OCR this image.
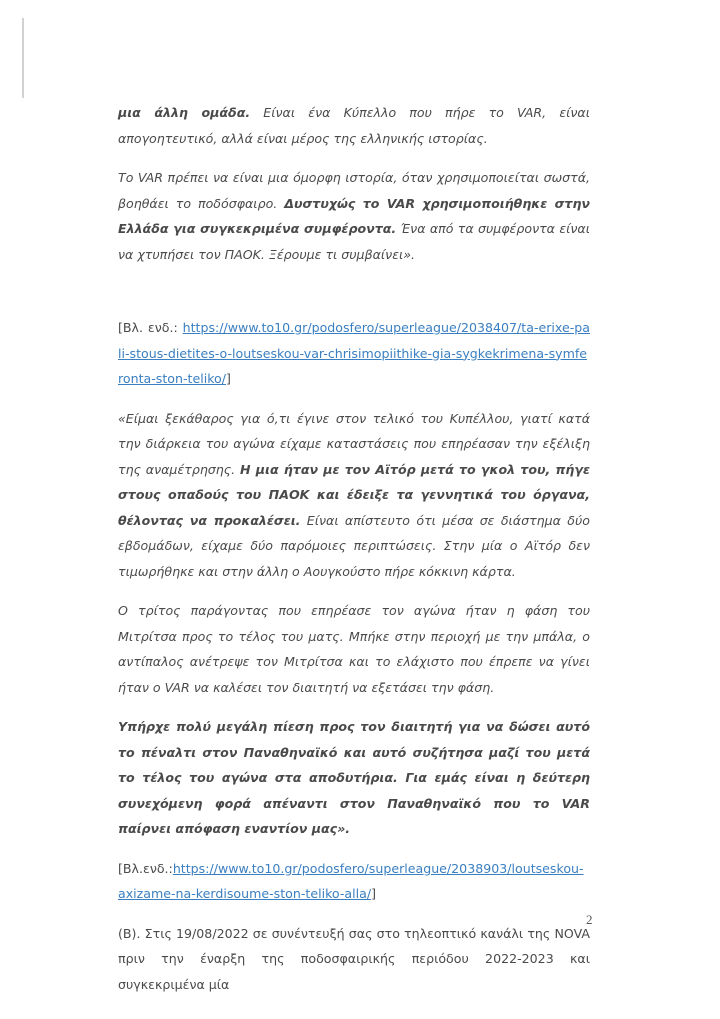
μια άλλη ομάδα. Είναι ένα Κύπελλο που πήρε το VAR, είναι απογοητευτικό, αλλά είναι μέρος της ελληνικής ιστορίας.

Το VAR πρέπει να είναι μια όμορφη ιστορία, όταν χρησιμοποιείται σωστά, βοηθάει το ποδόσφαιρο. Δυστυχώς το VAR χρησιμοποιήθηκε στην Ελλάδα για συγκεκριμένα συμφέροντα. Ένα από τα συμφέροντα είναι να χτυπήσει τον ΠΑΟΚ. Ξέρουμε τι συμβαίνει».

[Βλ. ενδ.: https://www.to10.gr/podosfero/superleague/2038407/ta-erixe-pali-stous-dietites-o-loutseskou-var-chrisimopiithike-gia-sygkekrimena-symferonta-ston-teliko/]

«Είμαι ξεκάθαρος για ό,τι έγινε στον τελικό του Κυπέλλου, γιατί κατά την διάρκεια του αγώνα είχαμε καταστάσεις που επηρέασαν την εξέλιξη της αναμέτρησης. Η μια ήταν με τον Αϊτόρ μετά το γκολ του, πήγε στους οπαδούς του ΠΑΟΚ και έδειξε τα γεννητικά του όργανα, θέλοντας να προκαλέσει. Είναι απίστευτο ότι μέσα σε διάστημα δύο εβδομάδων, είχαμε δύο παρόμοιες περιπτώσεις. Στην μία ο Αϊτόρ δεν τιμωρήθηκε και στην άλλη ο Αουγκούστο πήρε κόκκινη κάρτα.

Ο τρίτος παράγοντας που επηρέασε τον αγώνα ήταν η φάση του Μιτρίτσα προς το τέλος του ματς. Μπήκε στην περιοχή με την μπάλα, ο αντίπαλος ανέτρεψε τον Μιτρίτσα και το ελάχιστο που έπρεπε να γίνει ήταν ο VAR να καλέσει τον διαιτητή να εξετάσει την φάση.

Υπήρχε πολύ μεγάλη πίεση προς τον διαιτητή για να δώσει αυτό το πέναλτι στον Παναθηναϊκό και αυτό συζήτησα μαζί του μετά το τέλος του αγώνα στα αποδυτήρια. Για εμάς είναι η δεύτερη συνεχόμενη φορά απέναντι στον Παναθηναϊκό που το VAR παίρνει απόφαση εναντίον μας».

[Βλ.ενδ.:https://www.to10.gr/podosfero/superleague/2038903/loutseskou-axizame-na-kerdisoume-ston-teliko-alla/]

(Β). Στις 19/08/2022 σε συνέντευξή σας στο τηλεοπτικό κανάλι της NOVA πριν την έναρξη της ποδοσφαιρικής περιόδου 2022-2023 και συγκεκριμένα μία

2
